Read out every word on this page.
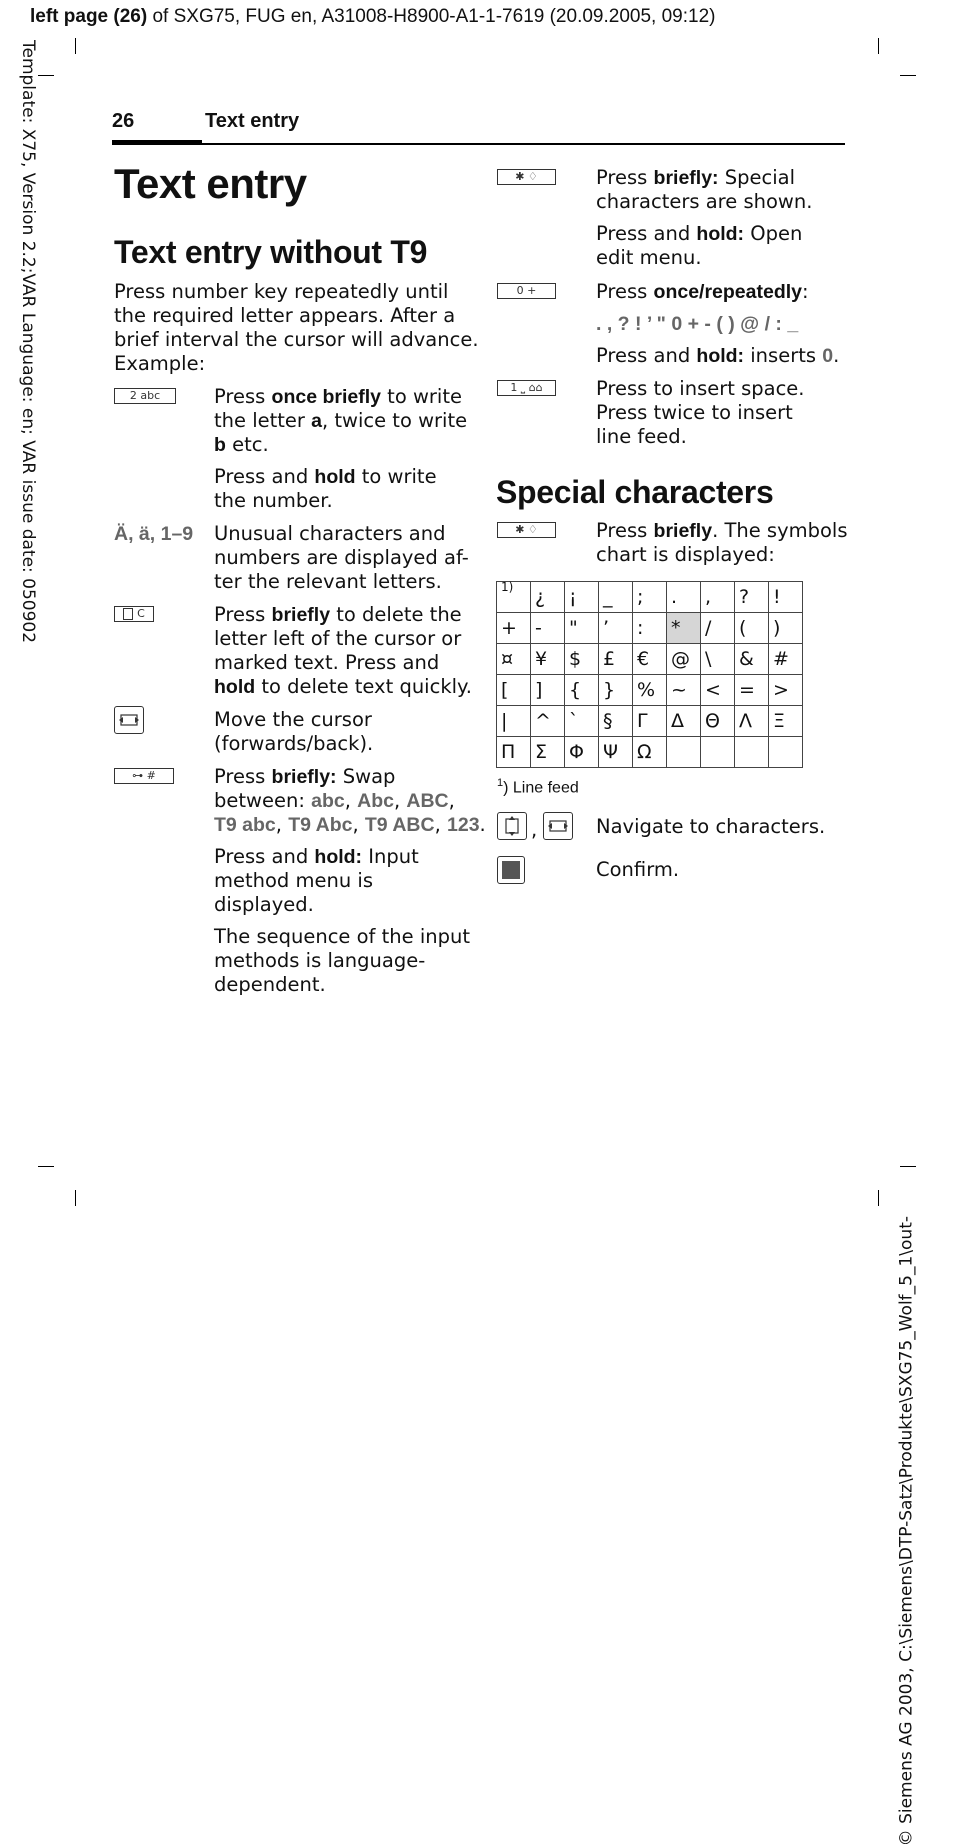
left page (26) of SXG75, FUG en, A31008-H8900-A1-1-7619 (20.09.2005, 09:12)
Template: X75, Version 2.2;VAR Language: en; VAR issue date: 050902
© Siemens AG 2003, C:\Siemens\DTP-Satz\Produkte\SXG75_Wolf_5_1\out-
26	Text entry
Text entry
Text entry without T9
Press number key repeatedly until
the required letter appears. After a
brief interval the cursor will advance.
Example:
2 abc	Press once briefly to write
the letter a, twice to write
b etc.
Press and hold to write
the number.
Ä, ä, 1–9 Unusual characters and
numbers are displayed af-
ter the relevant letters.
C	Press briefly to delete the
letter left of the cursor or
marked text. Press and
hold to delete text quickly.
Move the cursor
(forwards/back).
⊶ #	Press briefly: Swap
between: abc, Abc, ABC,
T9 abc, T9 Abc, T9 ABC, 123.
Press and hold: Input
method menu is
displayed.
The sequence of the input
methods is language-
dependent.
✱ ♢	Press briefly: Special
characters are shown.
Press and hold: Open
edit menu.
0 +	Press once/repeatedly:
. , ? ! ’ " 0 + - ( ) @ / : _
Press and hold: inserts 0.
1 ⎵ ⌂⌂	Press to insert space.
Press twice to insert
line feed.
Special characters
✱ ♢	Press briefly. The symbols
chart is displayed:
$^{1)}$	¿	¡	_	;	.	,	?	!
+	-	"	’	:	*	/	(	)
¤	¥	$	£	€	@	\	&	#
[	]	{	}	%	~	<	=	>
|	^	`	§	Γ	Δ	Θ	Λ	Ξ
Π	Σ	Φ	Ψ	Ω				
$^1$) Line feed
,	Navigate to characters.
Confirm.
